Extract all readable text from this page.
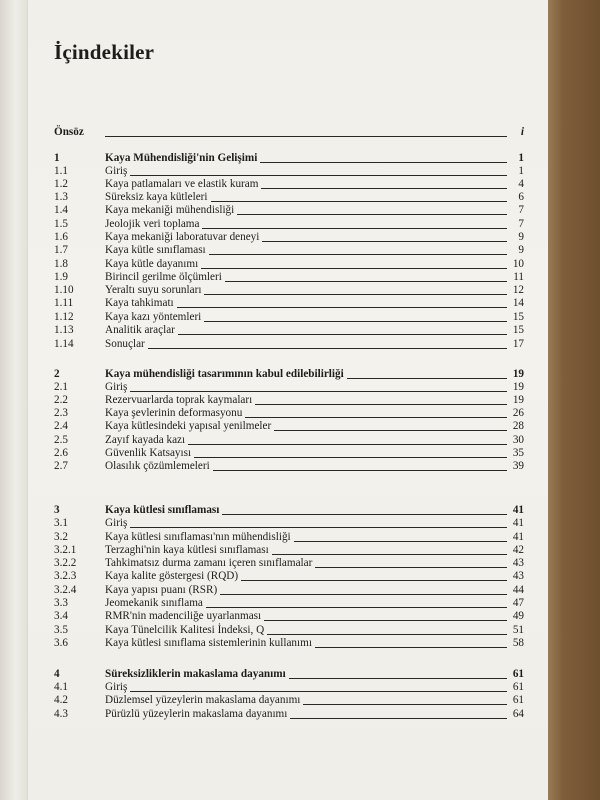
İçindekiler
Önsöz	i
1	Kaya Mühendisliği'nin Gelişimi	1
1.1	Giriş	1
1.2	Kaya patlamaları ve elastik kuram	4
1.3	Süreksiz kaya kütleleri	6
1.4	Kaya mekaniği mühendisliği	7
1.5	Jeolojik veri toplama	7
1.6	Kaya mekaniği laboratuvar deneyi	9
1.7	Kaya kütle sınıflaması	9
1.8	Kaya kütle dayanımı	10
1.9	Birincil gerilme ölçümleri	11
1.10	Yeraltı suyu sorunları	12
1.11	Kaya tahkimatı	14
1.12	Kaya kazı yöntemleri	15
1.13	Analitik araçlar	15
1.14	Sonuçlar	17
2	Kaya mühendisliği tasarımının kabul edilebilirliği	19
2.1	Giriş	19
2.2	Rezervuarlarda toprak kaymaları	19
2.3	Kaya şevlerinin deformasyonu	26
2.4	Kaya kütlesindeki yapısal yenilmeler	28
2.5	Zayıf kayada kazı	30
2.6	Güvenlik Katsayısı	35
2.7	Olasılık çözümlemeleri	39
3	Kaya kütlesi sınıflaması	41
3.1	Giriş	41
3.2	Kaya kütlesi sınıflaması'nın mühendisliği	41
3.2.1	Terzaghi'nin kaya kütlesi sınıflaması	42
3.2.2	Tahkimatsız durma zamanı içeren sınıflamalar	43
3.2.3	Kaya kalite göstergesi (RQD)	43
3.2.4	Kaya yapısı puanı (RSR)	44
3.3	Jeomekanik sınıflama	47
3.4	RMR'nin madenciliğe uyarlanması	49
3.5	Kaya Tünelcilik Kalitesi İndeksi, Q	51
3.6	Kaya kütlesi sınıflama sistemlerinin kullanımı	58
4	Süreksizliklerin makaslama dayanımı	61
4.1	Giriş	61
4.2	Düzlemsel yüzeylerin makaslama dayanımı	61
4.3	Pürüzlü yüzeylerin makaslama dayanımı	64
